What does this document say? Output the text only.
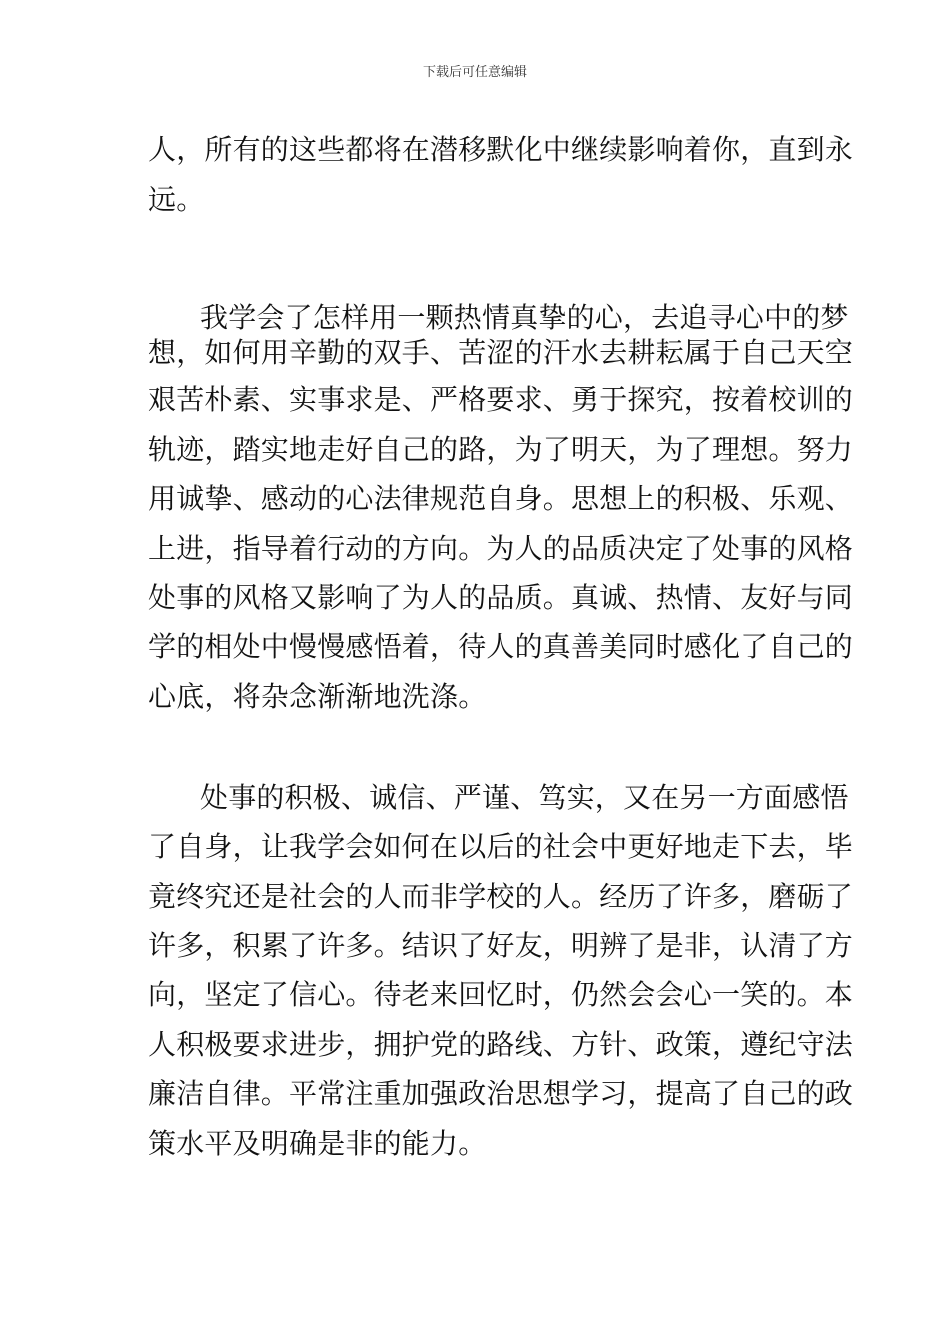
下载后可任意编辑
人，所有的这些都将在潜移默化中继续影响着你，直到永
远。
我学会了怎样用一颗热情真挚的心，去追寻心中的梦
想，如何用辛勤的双手、苦涩的汗水去耕耘属于自己天空
艰苦朴素、实事求是、严格要求、勇于探究，按着校训的
轨迹，踏实地走好自己的路，为了明天，为了理想。努力
用诚挚、感动的心法律规范自身。思想上的积极、乐观、
上进，指导着行动的方向。为人的品质决定了处事的风格
处事的风格又影响了为人的品质。真诚、热情、友好与同
学的相处中慢慢感悟着，待人的真善美同时感化了自己的
心底，将杂念渐渐地洗涤。
处事的积极、诚信、严谨、笃实，又在另一方面感悟
了自身，让我学会如何在以后的社会中更好地走下去，毕
竟终究还是社会的人而非学校的人。经历了许多，磨砺了
许多，积累了许多。结识了好友，明辨了是非，认清了方
向，坚定了信心。待老来回忆时，仍然会会心一笑的。本
人积极要求进步，拥护党的路线、方针、政策，遵纪守法
廉洁自律。平常注重加强政治思想学习，提高了自己的政
策水平及明确是非的能力。
